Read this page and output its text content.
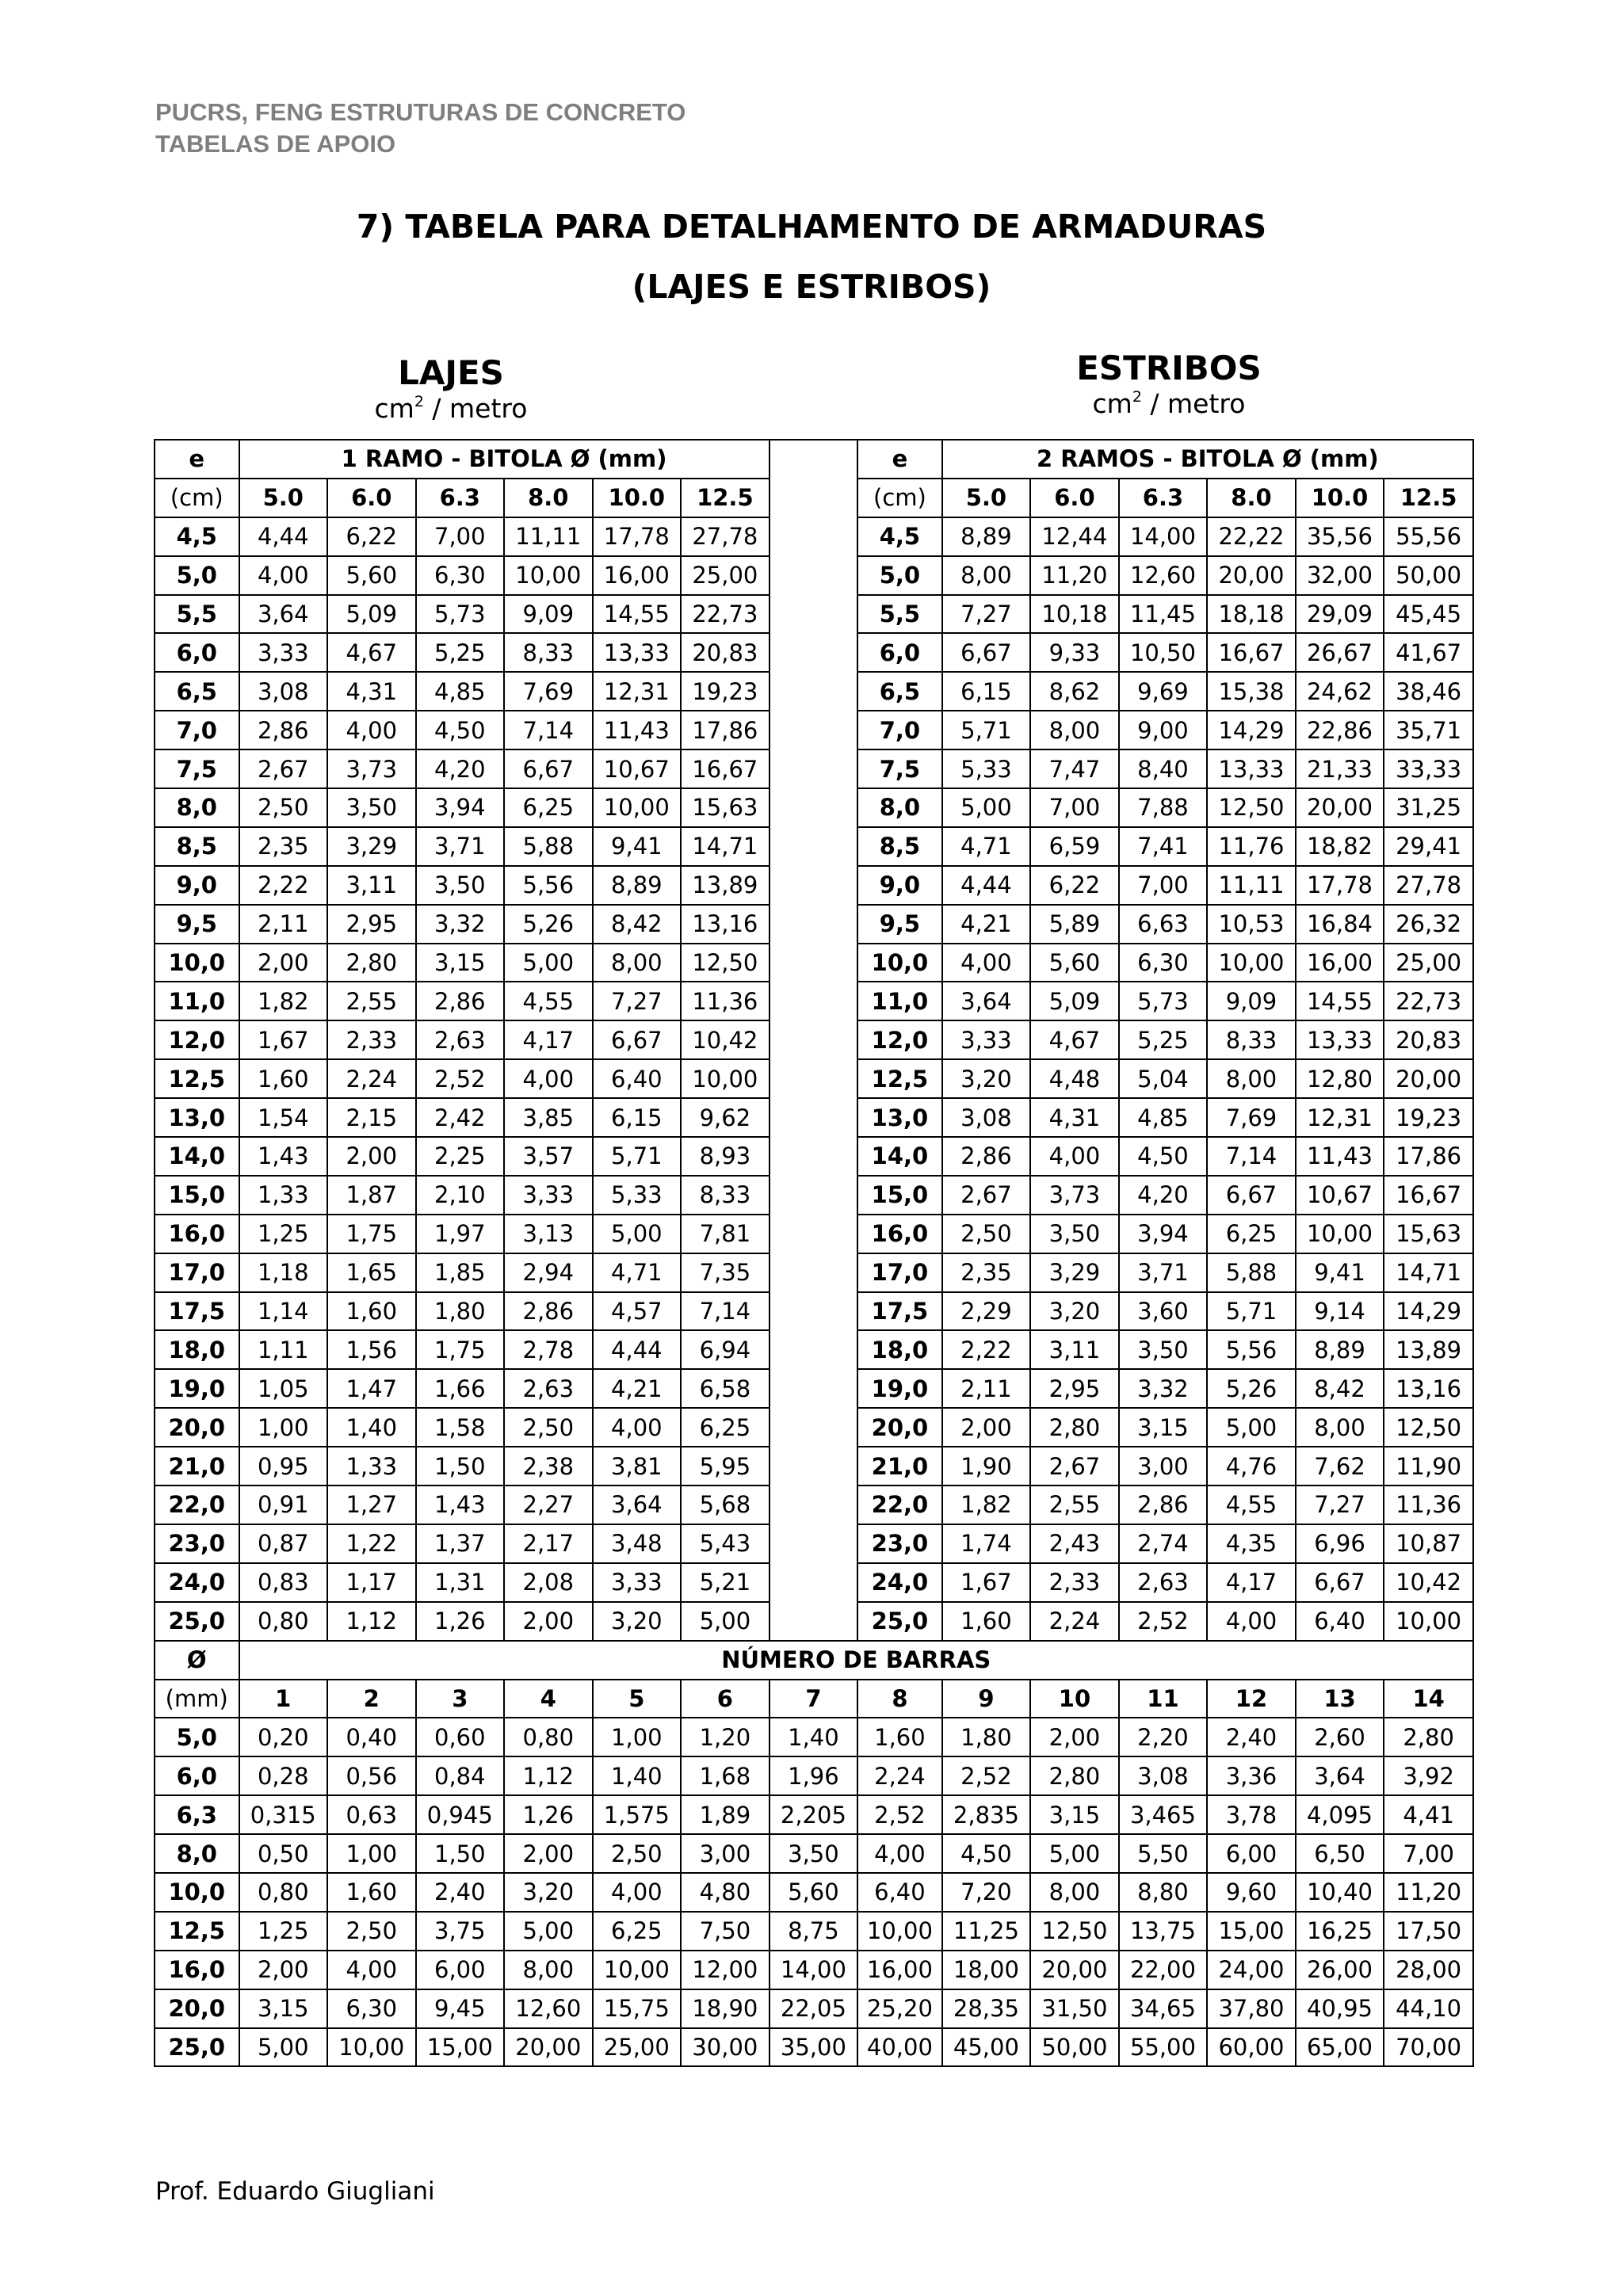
PUCRS, FENG ESTRUTURAS DE CONCRETO
TABELAS DE APOIO
7) TABELA PARA DETALHAMENTO DE ARMADURAS
(LAJES E ESTRIBOS)
LAJES
$cm^2$ / metro
ESTRIBOS
$cm^2$ / metro
e	1 RAMO - BITOLA Ø (mm)							e	2 RAMOS - BITOLA Ø (mm)					
(cm)	5.0	6.0	6.3	8.0	10.0	12.5		(cm)	5.0	6.0	6.3	8.0	10.0	12.5
4,5	4,44	6,22	7,00	11,11	17,78	27,78		4,5	8,89	12,44	14,00	22,22	35,56	55,56
5,0	4,00	5,60	6,30	10,00	16,00	25,00		5,0	8,00	11,20	12,60	20,00	32,00	50,00
5,5	3,64	5,09	5,73	9,09	14,55	22,73		5,5	7,27	10,18	11,45	18,18	29,09	45,45
6,0	3,33	4,67	5,25	8,33	13,33	20,83		6,0	6,67	9,33	10,50	16,67	26,67	41,67
6,5	3,08	4,31	4,85	7,69	12,31	19,23		6,5	6,15	8,62	9,69	15,38	24,62	38,46
7,0	2,86	4,00	4,50	7,14	11,43	17,86		7,0	5,71	8,00	9,00	14,29	22,86	35,71
7,5	2,67	3,73	4,20	6,67	10,67	16,67		7,5	5,33	7,47	8,40	13,33	21,33	33,33
8,0	2,50	3,50	3,94	6,25	10,00	15,63		8,0	5,00	7,00	7,88	12,50	20,00	31,25
8,5	2,35	3,29	3,71	5,88	9,41	14,71		8,5	4,71	6,59	7,41	11,76	18,82	29,41
9,0	2,22	3,11	3,50	5,56	8,89	13,89		9,0	4,44	6,22	7,00	11,11	17,78	27,78
9,5	2,11	2,95	3,32	5,26	8,42	13,16		9,5	4,21	5,89	6,63	10,53	16,84	26,32
10,0	2,00	2,80	3,15	5,00	8,00	12,50		10,0	4,00	5,60	6,30	10,00	16,00	25,00
11,0	1,82	2,55	2,86	4,55	7,27	11,36		11,0	3,64	5,09	5,73	9,09	14,55	22,73
12,0	1,67	2,33	2,63	4,17	6,67	10,42		12,0	3,33	4,67	5,25	8,33	13,33	20,83
12,5	1,60	2,24	2,52	4,00	6,40	10,00		12,5	3,20	4,48	5,04	8,00	12,80	20,00
13,0	1,54	2,15	2,42	3,85	6,15	9,62		13,0	3,08	4,31	4,85	7,69	12,31	19,23
14,0	1,43	2,00	2,25	3,57	5,71	8,93		14,0	2,86	4,00	4,50	7,14	11,43	17,86
15,0	1,33	1,87	2,10	3,33	5,33	8,33		15,0	2,67	3,73	4,20	6,67	10,67	16,67
16,0	1,25	1,75	1,97	3,13	5,00	7,81		16,0	2,50	3,50	3,94	6,25	10,00	15,63
17,0	1,18	1,65	1,85	2,94	4,71	7,35		17,0	2,35	3,29	3,71	5,88	9,41	14,71
17,5	1,14	1,60	1,80	2,86	4,57	7,14		17,5	2,29	3,20	3,60	5,71	9,14	14,29
18,0	1,11	1,56	1,75	2,78	4,44	6,94		18,0	2,22	3,11	3,50	5,56	8,89	13,89
19,0	1,05	1,47	1,66	2,63	4,21	6,58		19,0	2,11	2,95	3,32	5,26	8,42	13,16
20,0	1,00	1,40	1,58	2,50	4,00	6,25		20,0	2,00	2,80	3,15	5,00	8,00	12,50
21,0	0,95	1,33	1,50	2,38	3,81	5,95		21,0	1,90	2,67	3,00	4,76	7,62	11,90
22,0	0,91	1,27	1,43	2,27	3,64	5,68		22,0	1,82	2,55	2,86	4,55	7,27	11,36
23,0	0,87	1,22	1,37	2,17	3,48	5,43		23,0	1,74	2,43	2,74	4,35	6,96	10,87
24,0	0,83	1,17	1,31	2,08	3,33	5,21		24,0	1,67	2,33	2,63	4,17	6,67	10,42
25,0	0,80	1,12	1,26	2,00	3,20	5,00		25,0	1,60	2,24	2,52	4,00	6,40	10,00
Ø	NÚMERO DE BARRAS													
(mm)	1	2	3	4	5	6	7	8	9	10	11	12	13	14
5,0	0,20	0,40	0,60	0,80	1,00	1,20	1,40	1,60	1,80	2,00	2,20	2,40	2,60	2,80
6,0	0,28	0,56	0,84	1,12	1,40	1,68	1,96	2,24	2,52	2,80	3,08	3,36	3,64	3,92
6,3	0,315	0,63	0,945	1,26	1,575	1,89	2,205	2,52	2,835	3,15	3,465	3,78	4,095	4,41
8,0	0,50	1,00	1,50	2,00	2,50	3,00	3,50	4,00	4,50	5,00	5,50	6,00	6,50	7,00
10,0	0,80	1,60	2,40	3,20	4,00	4,80	5,60	6,40	7,20	8,00	8,80	9,60	10,40	11,20
12,5	1,25	2,50	3,75	5,00	6,25	7,50	8,75	10,00	11,25	12,50	13,75	15,00	16,25	17,50
16,0	2,00	4,00	6,00	8,00	10,00	12,00	14,00	16,00	18,00	20,00	22,00	24,00	26,00	28,00
20,0	3,15	6,30	9,45	12,60	15,75	18,90	22,05	25,20	28,35	31,50	34,65	37,80	40,95	44,10
25,0	5,00	10,00	15,00	20,00	25,00	30,00	35,00	40,00	45,00	50,00	55,00	60,00	65,00	70,00
Prof. Eduardo Giugliani
